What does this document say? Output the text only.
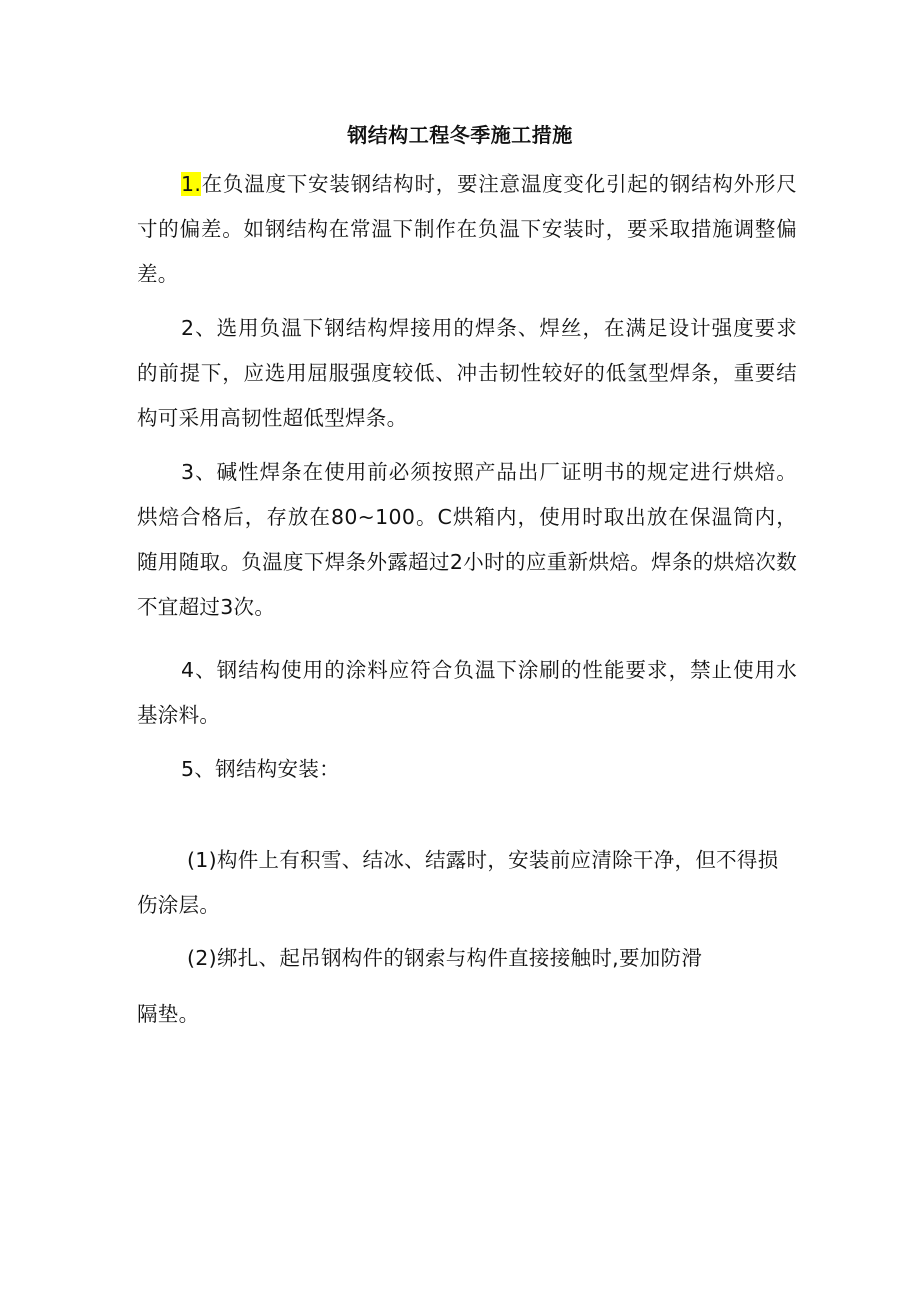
钢结构工程冬季施工措施
1.在负温度下安装钢结构时，要注意温度变化引起的钢结构外形尺寸的偏差。如钢结构在常温下制作在负温下安装时，要采取措施调整偏差。
2、选用负温下钢结构焊接用的焊条、焊丝，在满足设计强度要求的前提下，应选用屈服强度较低、冲击韧性较好的低氢型焊条，重要结构可采用高韧性超低型焊条。
3、碱性焊条在使用前必须按照产品出厂证明书的规定进行烘焙。烘焙合格后，存放在80~100。C烘箱内，使用时取出放在保温筒内，随用随取。负温度下焊条外露超过2小时的应重新烘焙。焊条的烘焙次数不宜超过3次。
4、钢结构使用的涂料应符合负温下涂刷的性能要求，禁止使用水基涂料。
5、钢结构安装：
(1)构件上有积雪、结冰、结露时，安装前应清除干净，但不得损伤涂层。
(2)绑扎、起吊钢构件的钢索与构件直接接触时,要加防滑
隔垫。
